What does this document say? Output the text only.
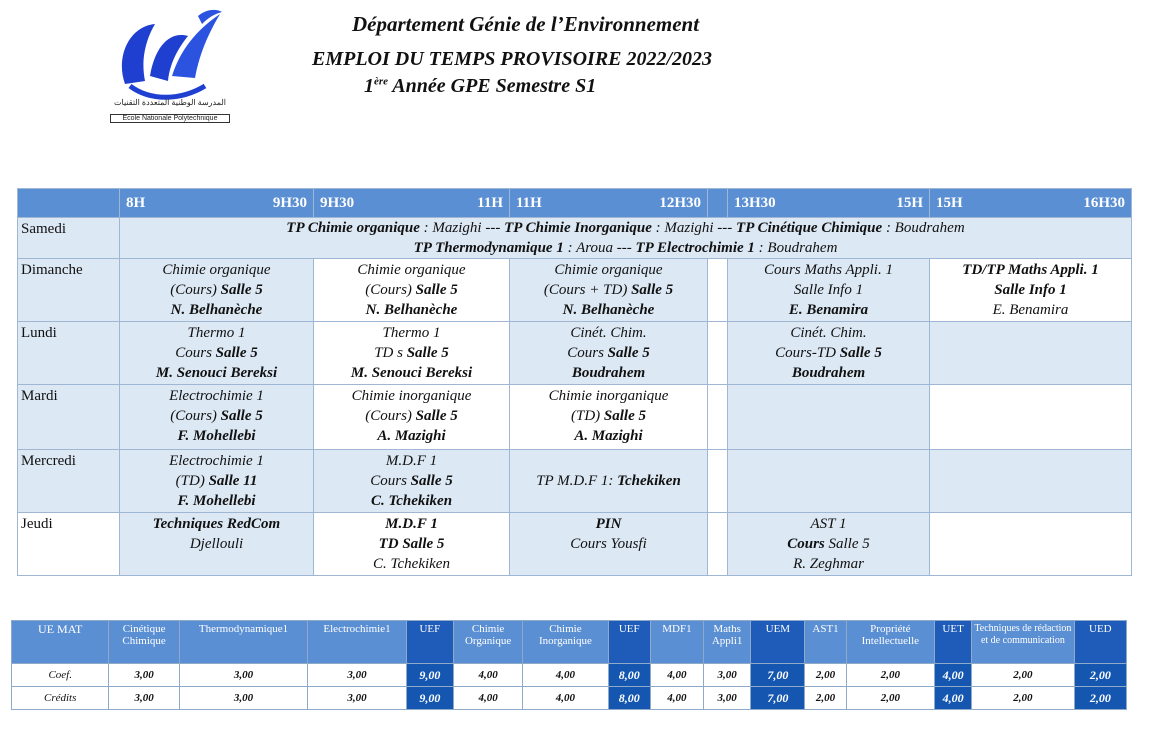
المدرسة الوطنية المتعددة التقنيات
Ecole Nationale Polytechnique
Département Génie de l’Environnement
EMPLOI DU TEMPS PROVISOIRE 2022/2023
1ère Année GPE Semestre S1

	8H 9H30	9H30 11H	11H 12H30		13H30 15H	15H 16H30

Samedi	TP Chimie organique : Mazighi --- TP Chimie Inorganique : Mazighi --- TP Cinétique Chimique : Boudrahem
TP Thermodynamique 1 : Aroua --- TP Electrochimie 1 : Boudrahem					

Dimanche	Chimie organique
(Cours) Salle 5
N. Belhanèche	Chimie organique
(Cours) Salle 5
N. Belhanèche	Chimie organique
(Cours + TD) Salle 5
N. Belhanèche		Cours Maths Appli. 1
Salle Info 1
E. Benamira	TD/TP Maths Appli. 1
Salle Info 1
E. Benamira

Lundi	Thermo 1
Cours Salle 5
M. Senouci Bereksi	Thermo 1
TD s Salle 5
M. Senouci Bereksi	Cinét. Chim.
Cours Salle 5
Boudrahem		Cinét. Chim.
Cours-TD Salle 5
Boudrahem	

Mardi	Electrochimie 1
(Cours) Salle 5
F. Mohellebi	Chimie inorganique
(Cours) Salle 5
A. Mazighi	Chimie inorganique
(TD) Salle 5
A. Mazighi			

Mercredi	Electrochimie 1
(TD) Salle 11
F. Mohellebi	M.D.F 1
Cours Salle 5
C. Tchekiken	TP M.D.F 1: Tchekiken			
Jeudi	Techniques RedCom
Djellouli	M.D.F 1
TD Salle 5
C. Tchekiken	PIN
Cours Yousfi		AST 1
Cours Salle 5
R. Zeghmar	

UE MAT	Cinétique Chimique	Thermodynamique1	Electrochimie1	UEF	Chimie Organique	Chimie Inorganique	UEF	MDF1	Maths Appli1	UEM	AST1	Propriété Intellectuelle	UET	Techniques de rédaction et de communication	UED
Coef.	3,00	3,00	3,00	9,00	4,00	4,00	8,00	4,00	3,00	7,00	2,00	2,00	4,00	2,00	2,00
Crédits	3,00	3,00	3,00	9,00	4,00	4,00	8,00	4,00	3,00	7,00	2,00	2,00	4,00	2,00	2,00
